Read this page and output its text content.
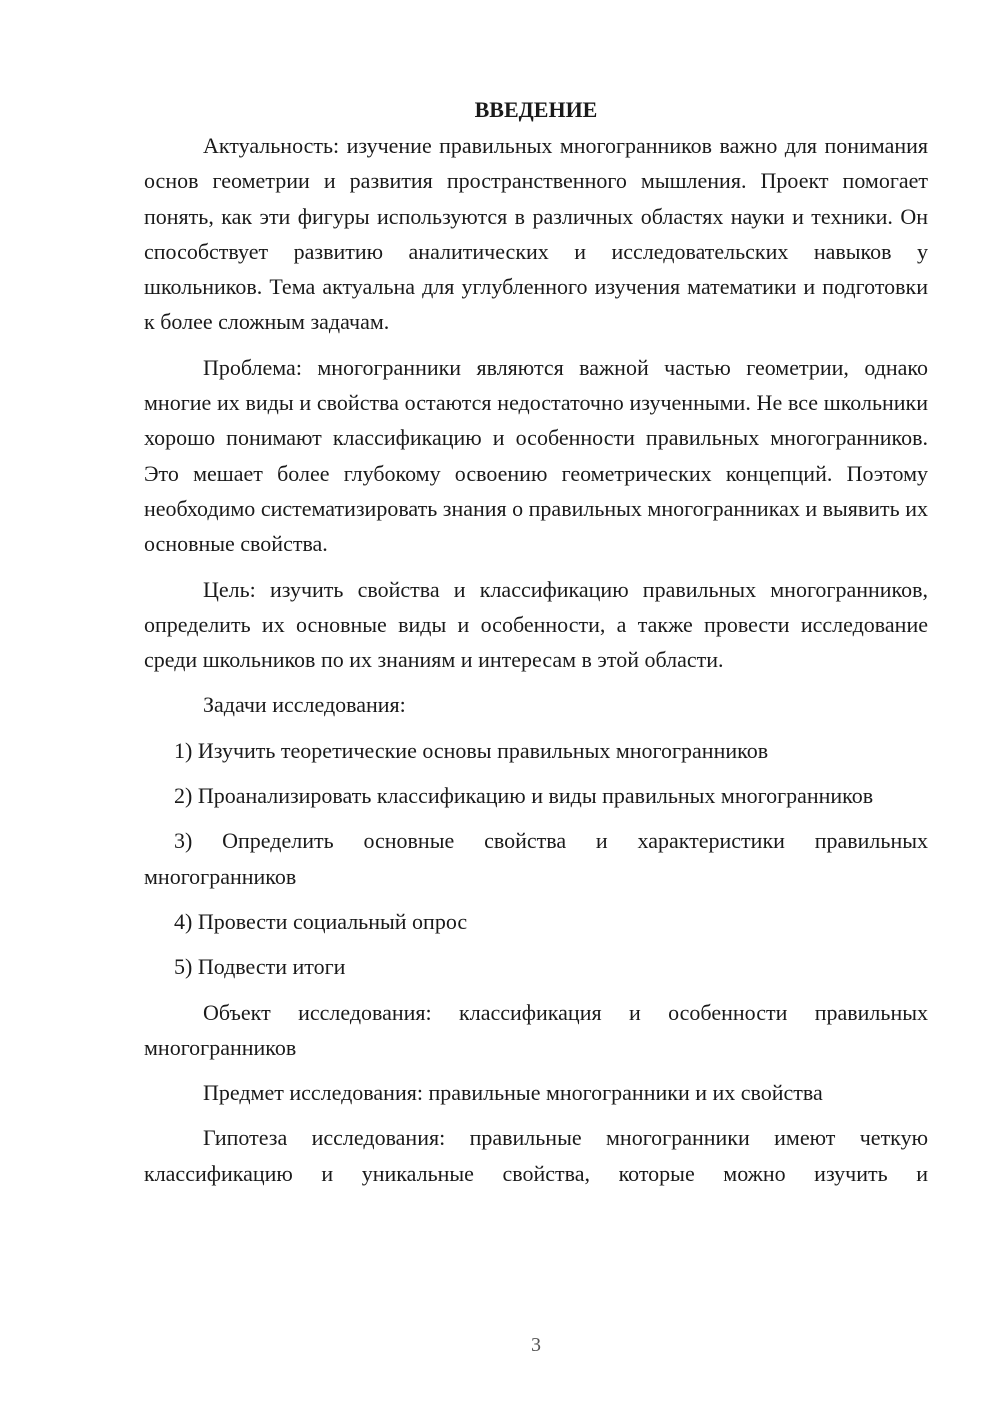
ВВЕДЕНИЕ

Актуальность: изучение правильных многогранников важно для понимания основ геометрии и развития пространственного мышления. Проект помогает понять, как эти фигуры используются в различных областях науки и техники. Он способствует развитию аналитических и исследовательских навыков у школьников. Тема актуальна для углубленного изучения математики и подготовки к более сложным задачам.

Проблема: многогранники являются важной частью геометрии, однако многие их виды и свойства остаются недостаточно изученными. Не все школьники хорошо понимают классификацию и особенности правильных многогранников. Это мешает более глубокому освоению геометрических концепций. Поэтому необходимо систематизировать знания о правильных многогранниках и выявить их основные свойства.

Цель: изучить свойства и классификацию правильных многогранников, определить их основные виды и особенности, а также провести исследование среди школьников по их знаниям и интересам в этой области.

Задачи исследования:

1) Изучить теоретические основы правильных многогранников

2) Проанализировать классификацию и виды правильных многогранников

3) Определить основные свойства и характеристики правильных многогранников

4) Провести социальный опрос

5) Подвести итоги

Объект исследования: классификация и особенности правильных многогранников

Предмет исследования: правильные многогранники и их свойства

Гипотеза исследования: правильные многогранники имеют четкую классификацию и уникальные свойства, которые можно изучить и

3
